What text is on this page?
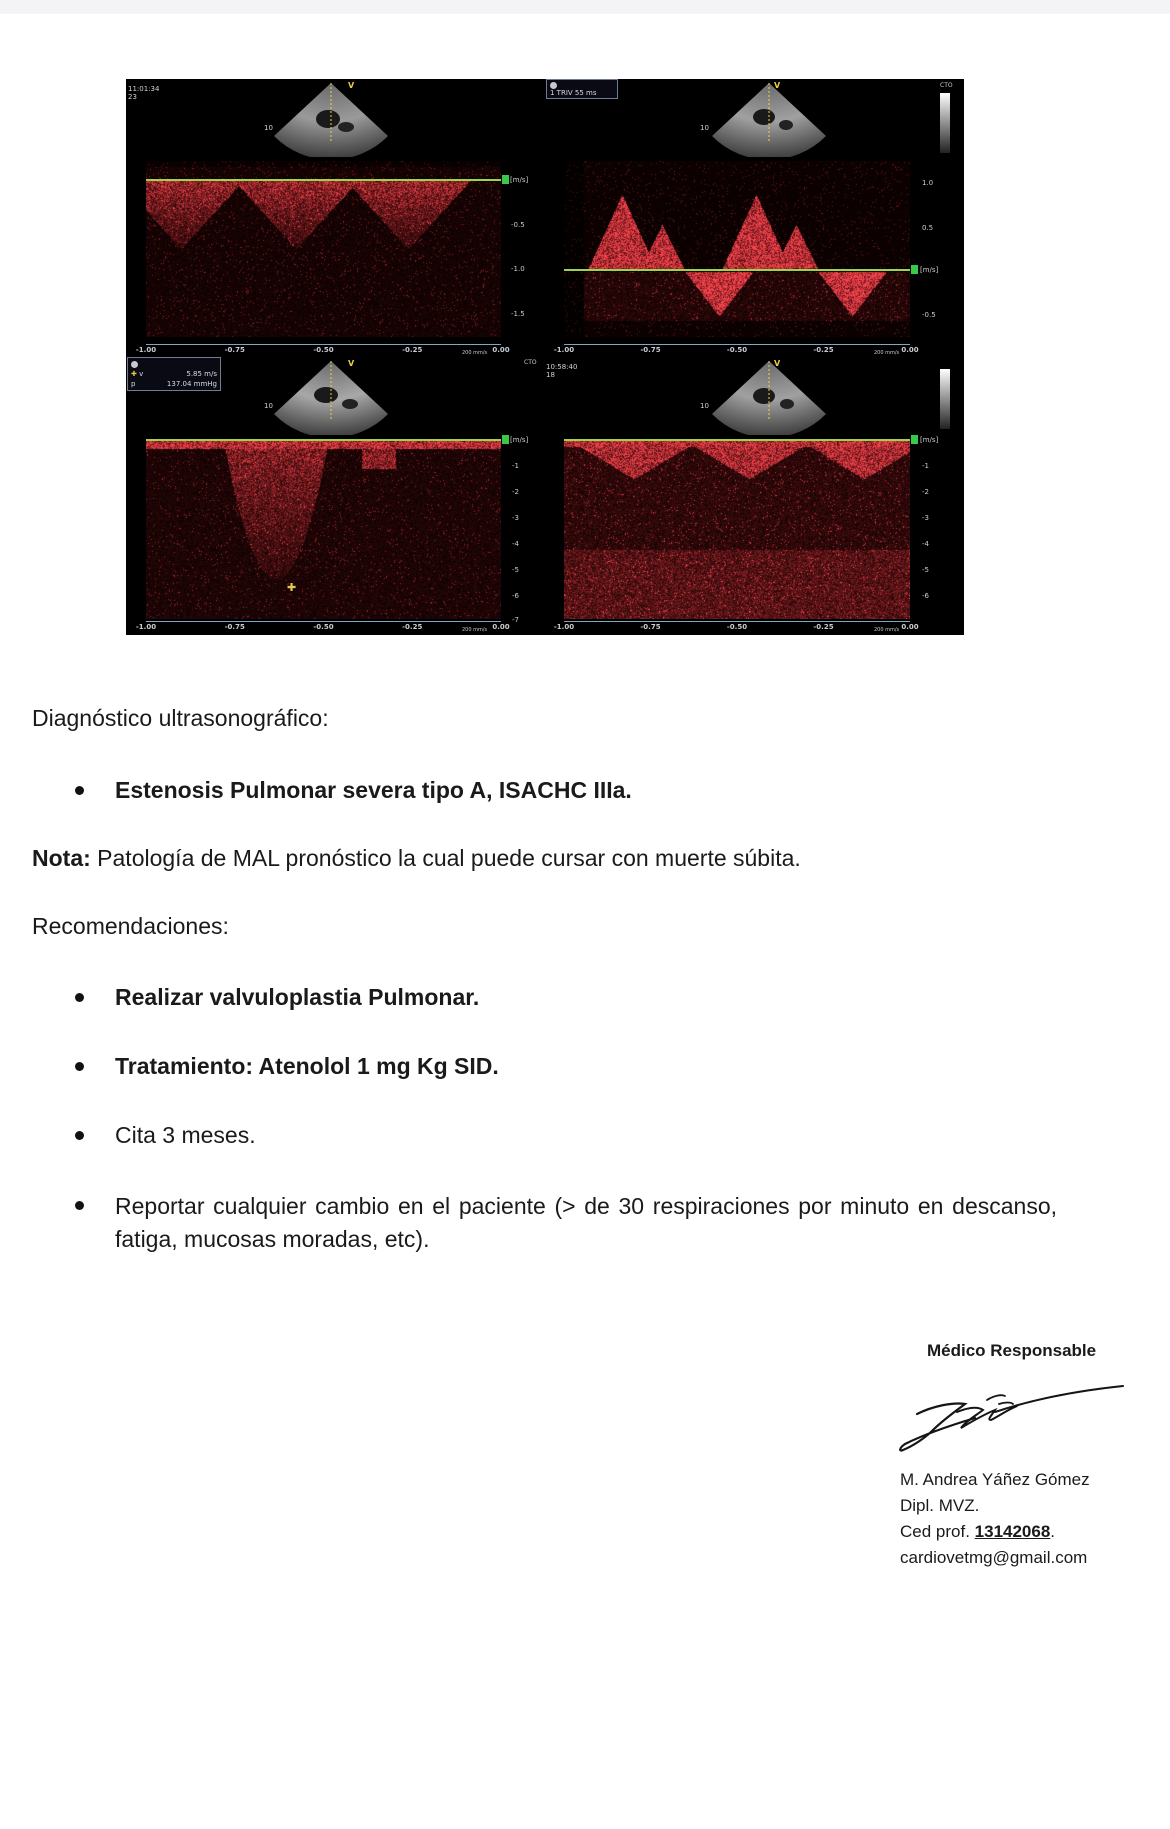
11:01:34
23
V
10
[m/s]
-0.5
-1.0
-1.5
-1.00	-0.75	-0.50	-0.25	0.00
200 mm/s

1 TRIV 55 ms
V
10
CTO
[m/s]
1.0
0.5
-0.5
-1.00	-0.75	-0.50	-0.25	0.00
200 mm/s
CTO

✚ v	5.85 m/s

p	137.04 mmHg
V
10
✚
[m/s]
-1
-2
-3
-4
-5
-6
-7
-1.00	-0.75	-0.50	-0.25	0.00
200 mm/s
10:58:40
18
V
10
[m/s]
-1
-2
-3
-4
-5
-6
-1.00	-0.75	-0.50	-0.25	0.00
200 mm/s
Diagnóstico ultrasonográfico:
Estenosis Pulmonar severa tipo A, ISACHC IIIa.
Nota: Patología de MAL pronóstico la cual puede cursar con muerte súbita.
Recomendaciones:
Realizar valvuloplastia Pulmonar.
Tratamiento: Atenolol 1 mg Kg SID.
Cita 3 meses.
Reportar cualquier cambio en el paciente (> de 30 respiraciones por minuto en descanso, fatiga, mucosas moradas, etc).
Médico Responsable
M. Andrea Yáñez Gómez
Dipl. MVZ.
Ced prof. 13142068.
cardiovetmg@gmail.com
